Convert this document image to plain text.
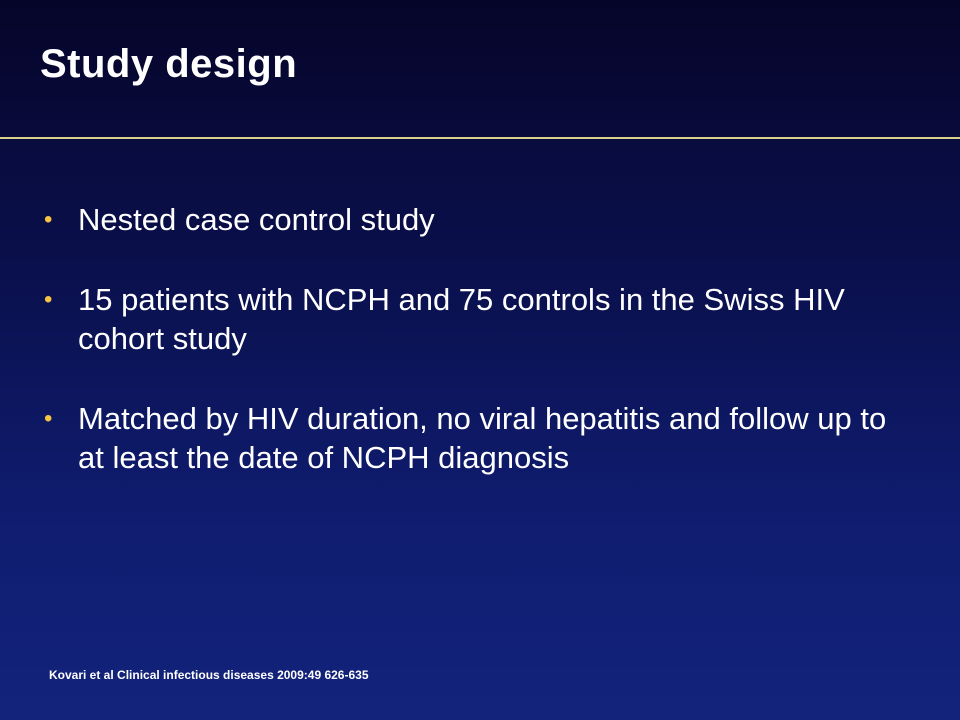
Study design
• Nested case control study
• 15 patients with NCPH and 75 controls in the Swiss HIV cohort study
• Matched by HIV duration, no viral hepatitis and follow up to at least the date of NCPH diagnosis
Kovari et al Clinical infectious diseases 2009:49 626-635
